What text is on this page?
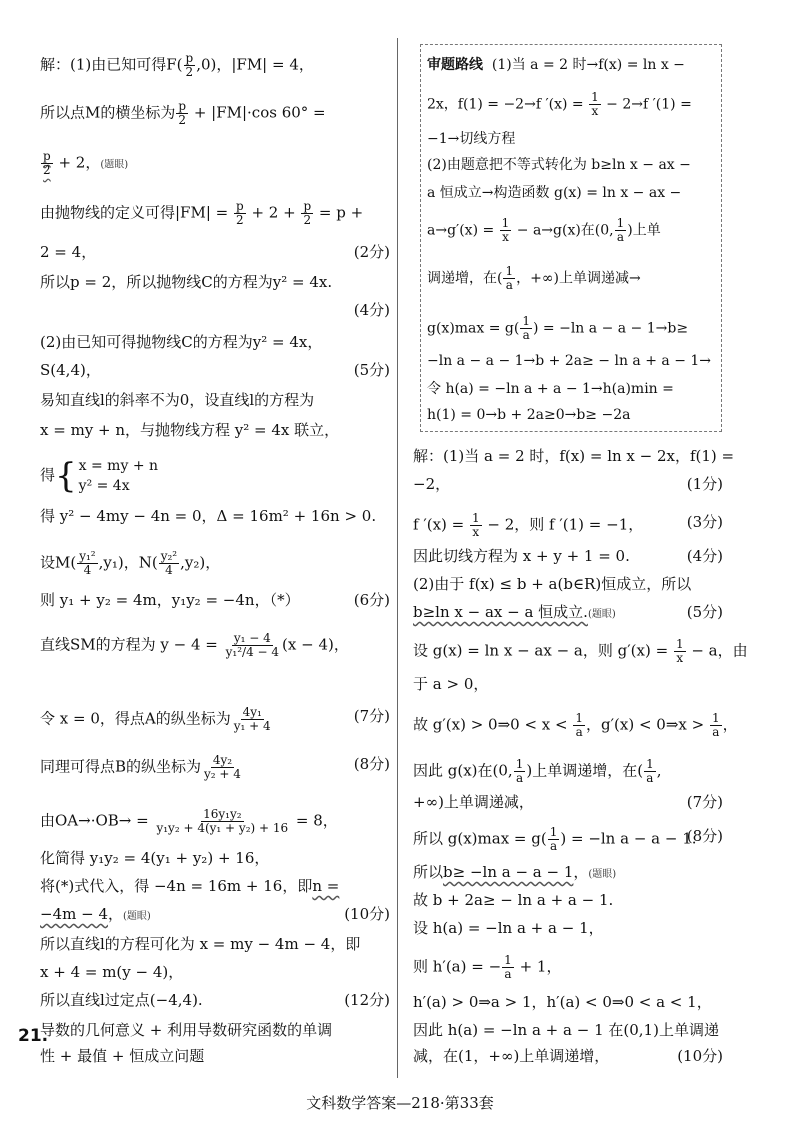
解：(1)由已知可得$F( \frac{p}{2} ,0)$，|FM| = 4，
所以点M的横坐标为 $\frac{p}{2} + |FM|\cdot\cos$ 60° =
$\frac{p}{2} + 2$，(题眼)
由抛物线的定义可得$|FM| = \frac{p}{2} + 2 + \frac{p}{2} = p$ +
2 = 4，	(2分)
所以p = 2，所以抛物线C的方程为y² = 4x.
(4分)
(2)由已知可得抛物线C的方程为y² = 4x，
S(4,4)，	(5分)
易知直线l的斜率不为0，设直线l的方程为
x = my + n，与抛物线方程 y² = 4x 联立，
得{ x = my + n
y² = 4x
得 y² − 4my − 4n = 0，Δ = 16m² + 16n > 0.
设$M( \frac{\text{y₁²}}{4} ,y_1)$，$N( \frac{\text{y₂²}}{4} ,y_2)$，
则 y₁ + y₂ = 4m，y₁y₂ = −4n，（*）	(6分)
直线SM的方程为 $y - 4 = \frac{\text{y₁ − 4}}{\text{y₁²/4 − 4}} (x - 4)$，
令 x = 0，得点A的纵坐标为 $\frac{\text{4y₁}}{\text{y₁ + 4}}$	(7分)
同理可得点B的纵坐标为 $\frac{\text{4y₂}}{\text{y₂ + 4}}$	(8分)
由$OA\to\cdot OB\to = \frac{\text{16y₁y₂}}{\text{y₁y₂ + 4(y₁ + y₂) + 16}} = 8$，
化简得 y₁y₂ = 4(y₁ + y₂) + 16，
将(*)式代入，得 −4n = 16m + 16，即n =
−4m − 4，(题眼)	(10分)
所以直线l的方程可化为 x = my − 4m − 4，即
x + 4 = m(y − 4)，
所以直线l过定点(−4,4).	(12分)
导数的几何意义 + 利用导数研究函数的单调
性 + 最值 + 恒成立问题
21.
审题路线 (1)当 a = 2 时→f(x) = ln x −
2x，f(1) = −2→f $'(x) = \frac{1}{x} - 2\to f$ ′(1) =
−1→切线方程
(2)由题意把不等式转化为 b≥ln x − ax −
a 恒成立→构造函数 g(x) = ln x − ax −
$a\to g'(x) = \frac{1}{x} - a\to g(x)$在(0, $\frac{1}{a}$ )上单
调递增，在( $\frac{1}{a}$ ，+∞)上单调递减→
$g(x)\max = g( \frac{1}{a}$ ) = −ln a − a − 1→b≥
−ln a − a − 1→b + 2a≥ − ln a + a − 1→
令 h(a) = −ln a + a − 1→h(a)min =
h(1) = 0→b + 2a≥0→b≥ −2a
解：(1)当 a = 2 时，f(x) = ln x − 2x，f(1) =
−2，	(1分)
f $'(x) = \frac{1}{x} - 2$，则 f ′(1) = −1，	(3分)
因此切线方程为 x + y + 1 = 0.	(4分)
(2)由于 f(x) ≤ b + a(b∈R)恒成立，所以
b≥ln x − ax − a 恒成立.(题眼)	(5分)
设 g(x) = ln x − ax − a，则 $g'(x) = \frac{1}{x} - a$，由
于 a > 0，
故 g′(x) > 0⇒0 < $x < \frac{1}{a}$ ，g′(x) < 0⇒x > $\frac{1}{a}$ ，
因此 g(x)在(0, $\frac{1}{a}$ )上单调递增，在( $\frac{1}{a}$ ,
+∞)上单调递减，	(7分)
所以 $g(x)\max = g( \frac{1}{a}$ ) = −ln a − a − 1.
(8分)
所以b≥ −ln a − a − 1，(题眼)
故 b + 2a≥ − ln a + a − 1.
设 h(a) = −ln a + a − 1，
则 h′(a) = − $\frac{1}{a} + 1$，
h′(a) > 0⇒a > 1，h′(a) < 0⇒0 < a < 1，
因此 h(a) = −ln a + a − 1 在(0,1)上单调递
减，在(1，+∞)上单调递增，	(10分)
文科数学答案—218·第33套
